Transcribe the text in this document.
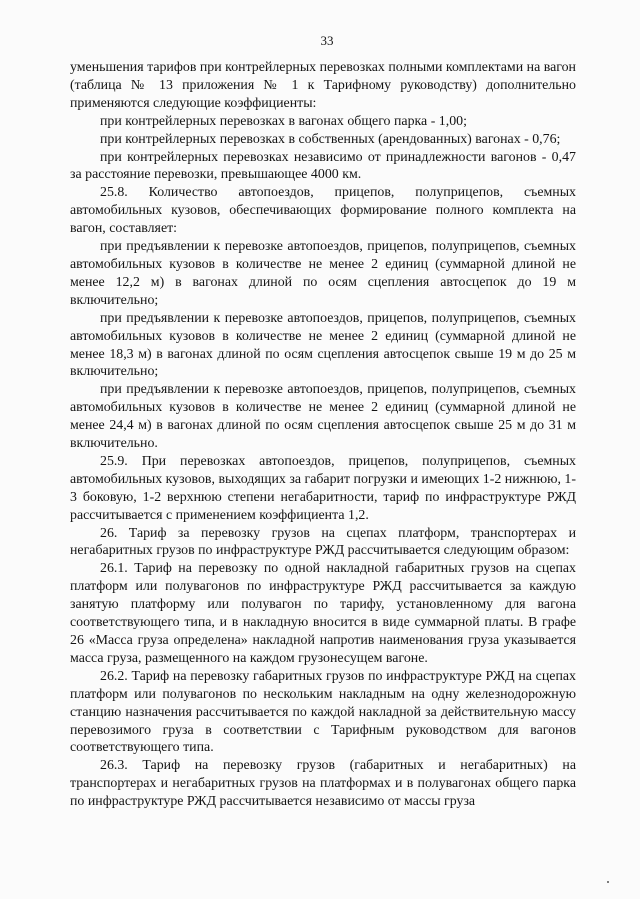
33

уменьшения тарифов при контрейлерных перевозках полными комплектами на вагон (таблица № 13 приложения № 1 к Тарифному руководству) дополнительно применяются следующие коэффициенты:

при контрейлерных перевозках в вагонах общего парка - 1,00;

при контрейлерных перевозках в собственных (арендованных) вагонах - 0,76;

при контрейлерных перевозках независимо от принадлежности вагонов - 0,47 за расстояние перевозки, превышающее 4000 км.

25.8. Количество автопоездов, прицепов, полуприцепов, съемных автомобильных кузовов, обеспечивающих формирование полного комплекта на вагон, составляет:

при предъявлении к перевозке автопоездов, прицепов, полуприцепов, съемных автомобильных кузовов в количестве не менее 2 единиц (суммарной длиной не менее 12,2 м) в вагонах длиной по осям сцепления автосцепок до 19 м включительно;

при предъявлении к перевозке автопоездов, прицепов, полуприцепов, съемных автомобильных кузовов в количестве не менее 2 единиц (суммарной длиной не менее 18,3 м) в вагонах длиной по осям сцепления автосцепок свыше 19 м до 25 м включительно;

при предъявлении к перевозке автопоездов, прицепов, полуприцепов, съемных автомобильных кузовов в количестве не менее 2 единиц (суммарной длиной не менее 24,4 м) в вагонах длиной по осям сцепления автосцепок свыше 25 м до 31 м включительно.

25.9. При перевозках автопоездов, прицепов, полуприцепов, съемных автомобильных кузовов, выходящих за габарит погрузки и имеющих 1-2 нижнюю, 1-3 боковую, 1-2 верхнюю степени негабаритности, тариф по инфраструктуре РЖД рассчитывается с применением коэффициента 1,2.

26. Тариф за перевозку грузов на сцепах платформ, транспортерах и негабаритных грузов по инфраструктуре РЖД рассчитывается следующим образом:

26.1. Тариф на перевозку по одной накладной габаритных грузов на сцепах платформ или полувагонов по инфраструктуре РЖД рассчитывается за каждую занятую платформу или полувагон по тарифу, установленному для вагона соответствующего типа, и в накладную вносится в виде суммарной платы. В графе 26 «Масса груза определена» накладной напротив наименования груза указывается масса груза, размещенного на каждом грузонесущем вагоне.

26.2. Тариф на перевозку габаритных грузов по инфраструктуре РЖД на сцепах платформ или полувагонов по нескольким накладным на одну железнодорожную станцию назначения рассчитывается по каждой накладной за действительную массу перевозимого груза в соответствии с Тарифным руководством для вагонов соответствующего типа.

26.3. Тариф на перевозку грузов (габаритных и негабаритных) на транспортерах и негабаритных грузов на платформах и в полувагонах общего парка по инфраструктуре РЖД рассчитывается независимо от массы груза
